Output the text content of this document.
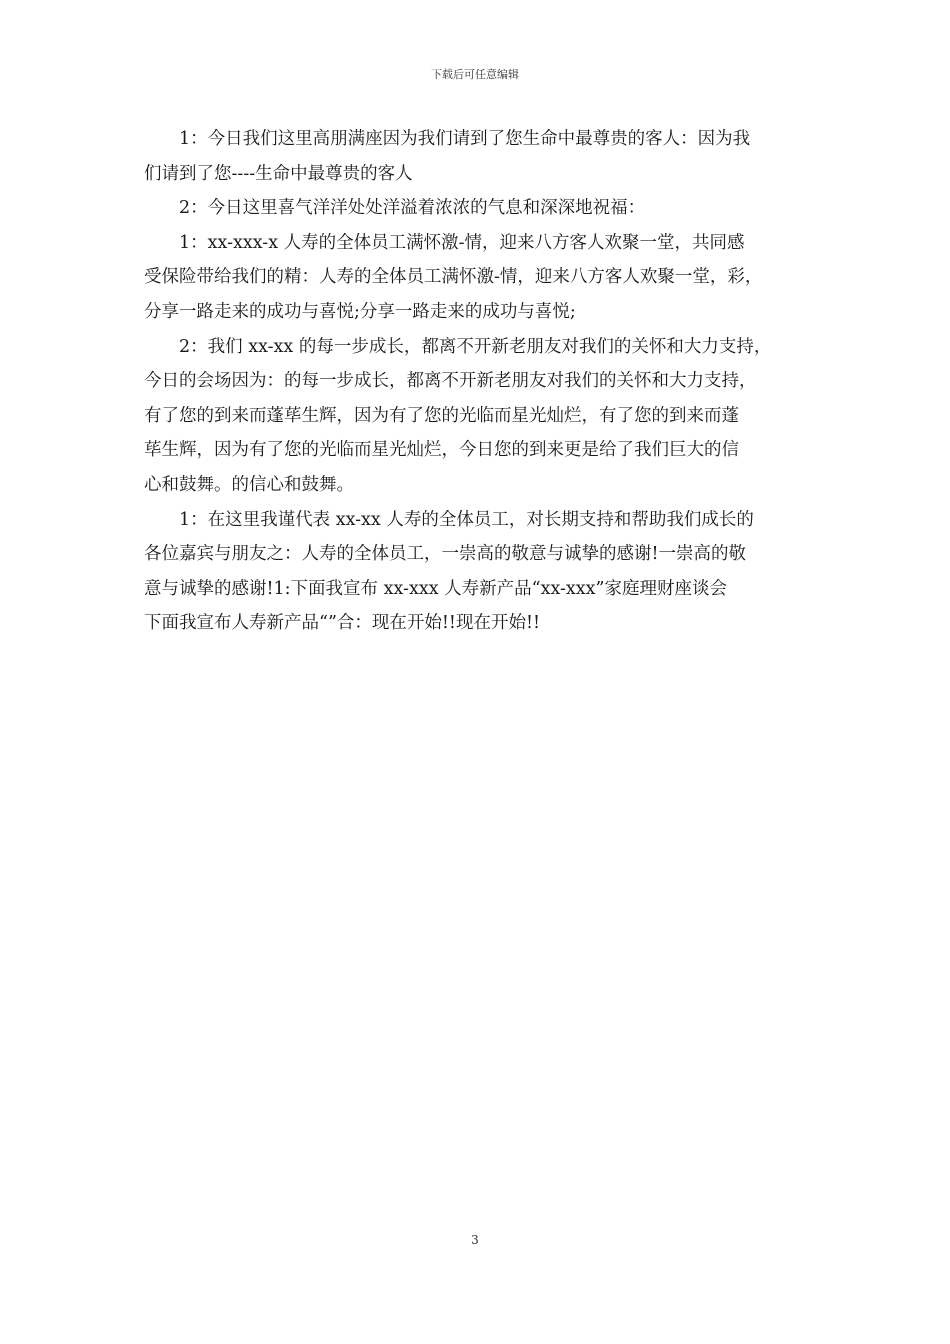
下载后可任意编辑

1：今日我们这里高朋满座因为我们请到了您生命中最尊贵的客人：因为我
们请到了您----生命中最尊贵的客人

2：今日这里喜气洋洋处处洋溢着浓浓的气息和深深地祝福：

1：xx-xxx-x 人寿的全体员工满怀激-情，迎来八方客人欢聚一堂，共同感
受保险带给我们的精：人寿的全体员工满怀激-情，迎来八方客人欢聚一堂，彩，
分享一路走来的成功与喜悦;分享一路走来的成功与喜悦;

2：我们 xx-xx 的每一步成长，都离不开新老朋友对我们的关怀和大力支持，
今日的会场因为：的每一步成长，都离不开新老朋友对我们的关怀和大力支持，
有了您的到来而蓬荜生辉，因为有了您的光临而星光灿烂，有了您的到来而蓬
荜生辉，因为有了您的光临而星光灿烂，今日您的到来更是给了我们巨大的信
心和鼓舞。的信心和鼓舞。

1：在这里我谨代表 xx-xx 人寿的全体员工，对长期支持和帮助我们成长的
各位嘉宾与朋友之：人寿的全体员工，一崇高的敬意与诚挚的感谢!一崇高的敬
意与诚挚的感谢!1:下面我宣布 xx-xxx 人寿新产品“xx-xxx”家庭理财座谈会
下面我宣布人寿新产品“”合：现在开始!!现在开始!!

3
